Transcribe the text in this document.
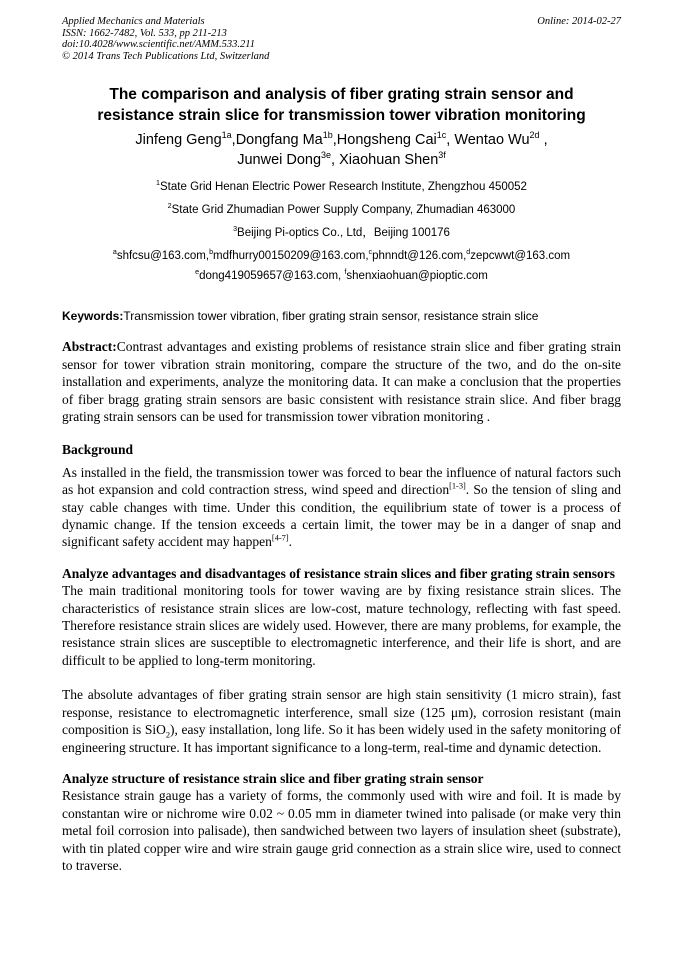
Applied Mechanics and Materials
ISSN: 1662-7482, Vol. 533, pp 211-213
doi:10.4028/www.scientific.net/AMM.533.211
© 2014 Trans Tech Publications Ltd, Switzerland
Online: 2014-02-27
The comparison and analysis of fiber grating strain sensor and
resistance strain slice for transmission tower vibration monitoring
Jinfeng Geng$^{1a}$,Dongfang $Ma^{1b},Hongsheng$ Cai$^{1c}$, Wentao $Wu^{2d}$ ,
Junwei Dong$^{3e}$, Xiaohuan Shen$^{3f}$
$^1$State Grid Henan Electric Power Research Institute, Zhengzhou 450052
$^2$State Grid Zhumadian Power Supply Company, Zhumadian 463000
$^3$Beijing Pi-optics Co., Ltd，Beijing 100176
$^a$shfcsu@163.com,$^b$mdfhurry00150209@163.com,$^c$phnndt@126.com,$^d$zepcwwt@163.com
$^e$dong419059657@163.com, $^f$shenxiaohuan@pioptic.com
Keywords:Transmission tower vibration, fiber grating strain sensor, resistance strain slice

Abstract:Contrast advantages and existing problems of resistance strain slice and fiber grating strain sensor for tower vibration strain monitoring, compare the structure of the two, and do the on-site installation and experiments, analyze the monitoring data. It can make a conclusion that the properties of fiber bragg grating strain sensors are basic consistent with resistance strain slice. And fiber bragg grating strain sensors can be used for transmission tower vibration monitoring .

Background

As installed in the field, the transmission tower was forced to bear the influence of natural factors such as hot expansion and cold contraction stress, wind speed and direction[1-3]. So the tension of sling and stay cable changes with time. Under this condition, the equilibrium state of tower is a process of dynamic change. If the tension exceeds a certain limit, the tower may be in a danger of snap and significant safety accident may happen[4-7].

Analyze advantages and disadvantages of resistance strain slices and fiber grating strain sensors

The main traditional monitoring tools for tower waving are by fixing resistance strain slices. The characteristics of resistance strain slices are low-cost, mature technology, reflecting with fast speed. Therefore resistance strain slices are widely used. However, there are many problems, for example, the resistance strain slices are susceptible to electromagnetic interference, and their life is short, and are difficult to be applied to long-term monitoring.

The absolute advantages of fiber grating strain sensor are high stain sensitivity (1 micro strain), fast response, resistance to electromagnetic interference, small size (125 μm), corrosion resistant (main composition is SiO$_2$), easy installation, long life. So it has been widely used in the safety monitoring of engineering structure. It has important significance to a long-term, real-time and dynamic detection.

Analyze structure of resistance strain slice and fiber grating strain sensor

Resistance strain gauge has a variety of forms, the commonly used with wire and foil. It is made by constantan wire or nichrome wire 0.02 ~ 0.05 mm in diameter twined into palisade (or make very thin metal foil corrosion into palisade), then sandwiched between two layers of insulation sheet (substrate), with tin plated copper wire and wire strain gauge grid connection as a strain slice wire, used to connect to traverse.
